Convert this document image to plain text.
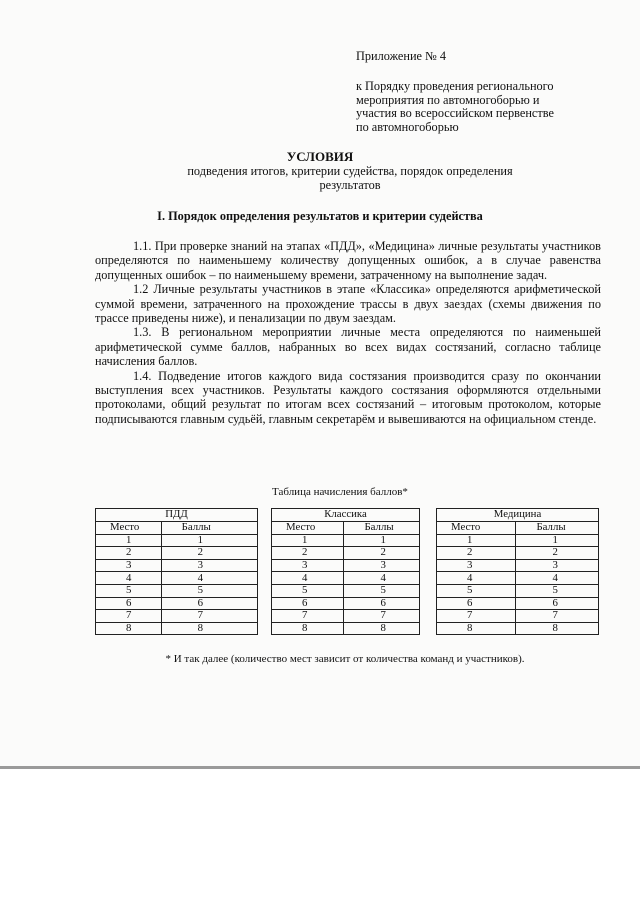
Приложение № 4
к Порядку проведения регионального
мероприятия по автомногоборью и
участия во всероссийском первенстве
по автомногоборью
УСЛОВИЯ
подведения итогов, критерии судейства, порядок определения
результатов
I. Порядок определения результатов и критерии судейства

1.1. При проверке знаний на этапах «ПДД», «Медицина» личные результаты участников определяются по наименьшему количеству допущенных ошибок, а в случае равенства допущенных ошибок – по наименьшему времени, затраченному на выполнение задач.

1.2 Личные результаты участников в этапе «Классика» определяются арифметической суммой времени, затраченного на прохождение трассы в двух заездах (схемы движения по трассе приведены ниже), и пенализации по двум заездам.

1.3. В региональном мероприятии личные места определяются по наименьшей арифметической сумме баллов, набранных во всех видах состязаний, согласно таблице начисления баллов.

1.4. Подведение итогов каждого вида состязания производится сразу по окончании выступления всех участников. Результаты каждого состязания оформляются отдельными протоколами, общий результат по итогам всех состязаний – итоговым протоколом, которые подписываются главным судьёй, главным секретарём и вывешиваются на официальном стенде.

Таблица начисления баллов*
ПДД	
Место	Баллы
1	1
2	2
3	3
4	4
5	5
6	6
7	7
8	8
Классика	
Место	Баллы
1	1
2	2
3	3
4	4
5	5
6	6
7	7
8	8
Медицина	
Место	Баллы
1	1
2	2
3	3
4	4
5	5
6	6
7	7
8	8
* И так далее (количество мест зависит от количества команд и участников).
